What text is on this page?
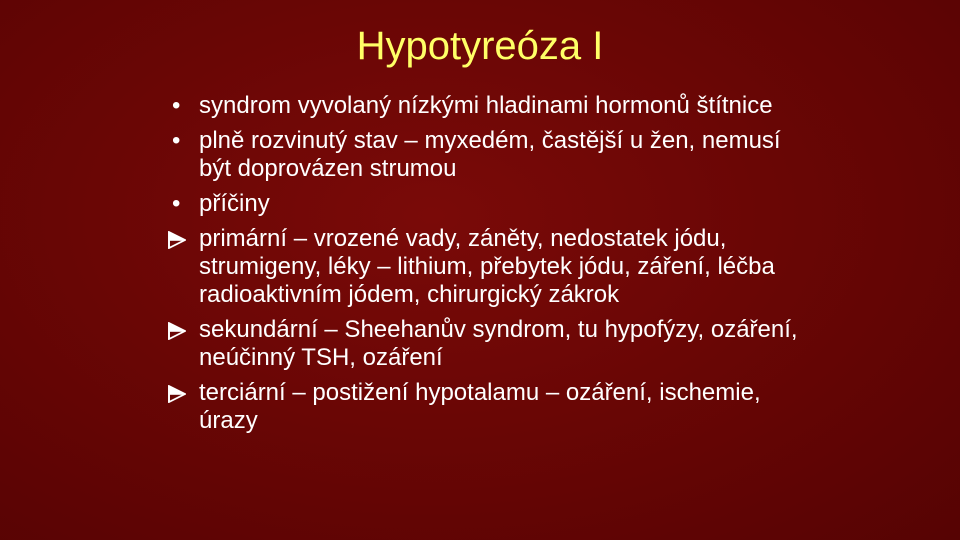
Hypotyreóza I
• syndrom vyvolaný nízkými hladinami hormonů štítnice
• plně rozvinutý stav – myxedém, častější u žen, nemusí být doprovázen strumou
• příčiny
primární – vrozené vady, záněty, nedostatek jódu, strumigeny, léky – lithium, přebytek jódu, záření, léčba radioaktivním jódem, chirurgický zákrok
sekundární – Sheehanův syndrom, tu hypofýzy, ozáření, neúčinný TSH, ozáření
terciární – postižení hypotalamu – ozáření, ischemie, úrazy
